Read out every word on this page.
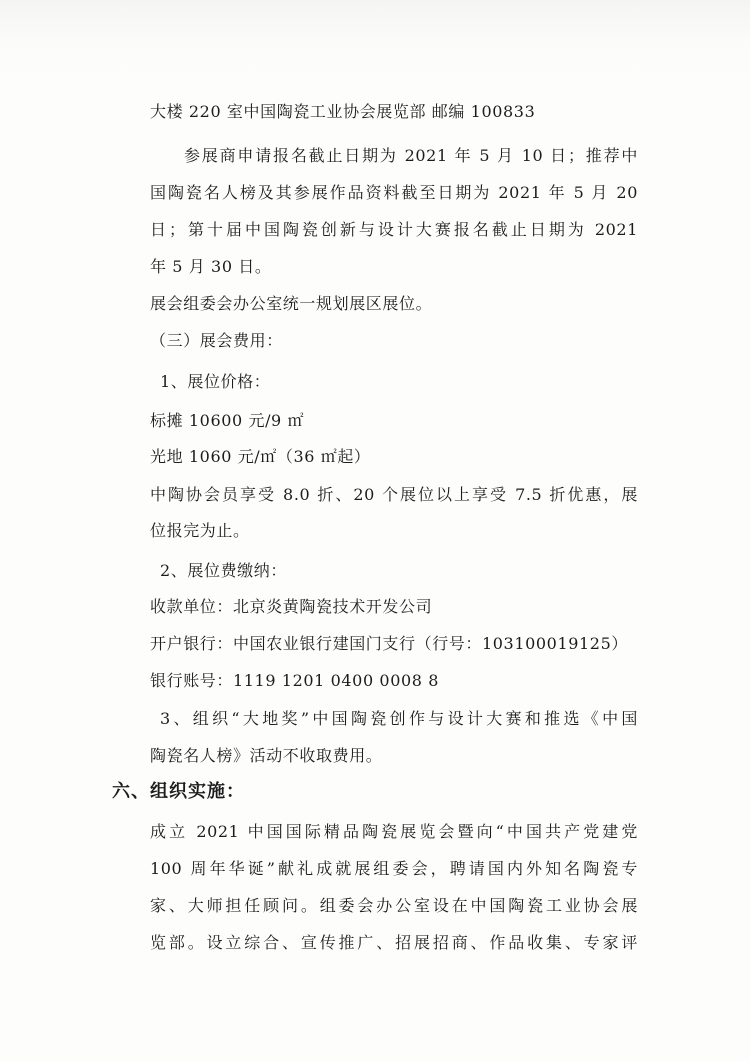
大楼 220 室中国陶瓷工业协会展览部 邮编 100833
参展商申请报名截止日期为 2021 年 5 月 10 日；推荐中
国陶瓷名人榜及其参展作品资料截至日期为 2021 年 5 月 20
日；第十届中国陶瓷创新与设计大赛报名截止日期为 2021
年 5 月 30 日。
展会组委会办公室统一规划展区展位。
（三）展会费用：
1、展位价格：
标摊 10600 元/9 ㎡
光地 1060 元/㎡（36 ㎡起）
中陶协会员享受 8.0 折、20 个展位以上享受 7.5 折优惠，展
位报完为止。
2、展位费缴纳：
收款单位：北京炎黄陶瓷技术开发公司
开户银行：中国农业银行建国门支行（行号：103100019125）
银行账号：1119 1201 0400 0008 8
3、组织“大地奖”中国陶瓷创作与设计大赛和推选《中国
陶瓷名人榜》活动不收取费用。
六、组织实施：
成立 2021 中国国际精品陶瓷展览会暨向“中国共产党建党
100 周年华诞”献礼成就展组委会，聘请国内外知名陶瓷专
家、大师担任顾问。组委会办公室设在中国陶瓷工业协会展
览部。设立综合、宣传推广、招展招商、作品收集、专家评
